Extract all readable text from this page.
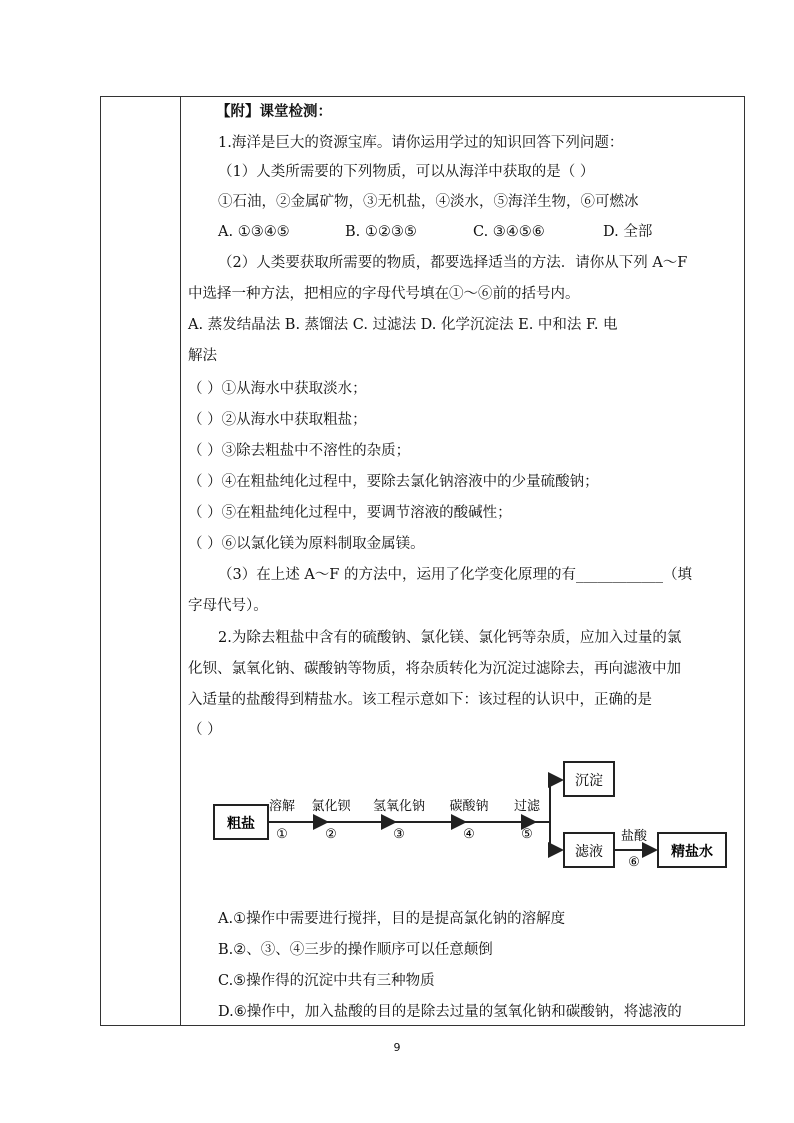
【附】课堂检测：
1.海洋是巨大的资源宝库。请你运用学过的知识回答下列问题：
（1）人类所需要的下列物质，可以从海洋中获取的是（ ）
①石油，②金属矿物，③无机盐，④淡水，⑤海洋生物，⑥可燃冰
A. ①③④⑤	B. ①②③⑤	C. ③④⑤⑥	D. 全部
（2）人类要获取所需要的物质，都要选择适当的方法．请你从下列 A～F
中选择一种方法，把相应的字母代号填在①～⑥前的括号内。
A. 蒸发结晶法 B. 蒸馏法 C. 过滤法 D. 化学沉淀法 E. 中和法 F. 电
解法
（ ）①从海水中获取淡水；
（ ）②从海水中获取粗盐；
（ ）③除去粗盐中不溶性的杂质；
（ ）④在粗盐纯化过程中，要除去氯化钠溶液中的少量硫酸钠；
（ ）⑤在粗盐纯化过程中，要调节溶液的酸碱性；
（ ）⑥以氯化镁为原料制取金属镁。
（3）在上述 A～F 的方法中，运用了化学变化原理的有____________（填
字母代号）。
2.为除去粗盐中含有的硫酸钠、氯化镁、氯化钙等杂质，应加入过量的氯
化钡、氯氧化钠、碳酸钠等物质，将杂质转化为沉淀过滤除去，再向滤液中加
入适量的盐酸得到精盐水。该工程示意如下：该过程的认识中，正确的是
（ ）
粗盐
溶解
①
氯化钡
②
氢氧化钠
③
碳酸钠
④
过滤
⑤
沉淀
滤液
盐酸
⑥
精盐水
A.①操作中需要进行搅拌，目的是提高氯化钠的溶解度
B.②、③、④三步的操作顺序可以任意颠倒
C.⑤操作得的沉淀中共有三种物质
D.⑥操作中，加入盐酸的目的是除去过量的氢氧化钠和碳酸钠，将滤液的
9
